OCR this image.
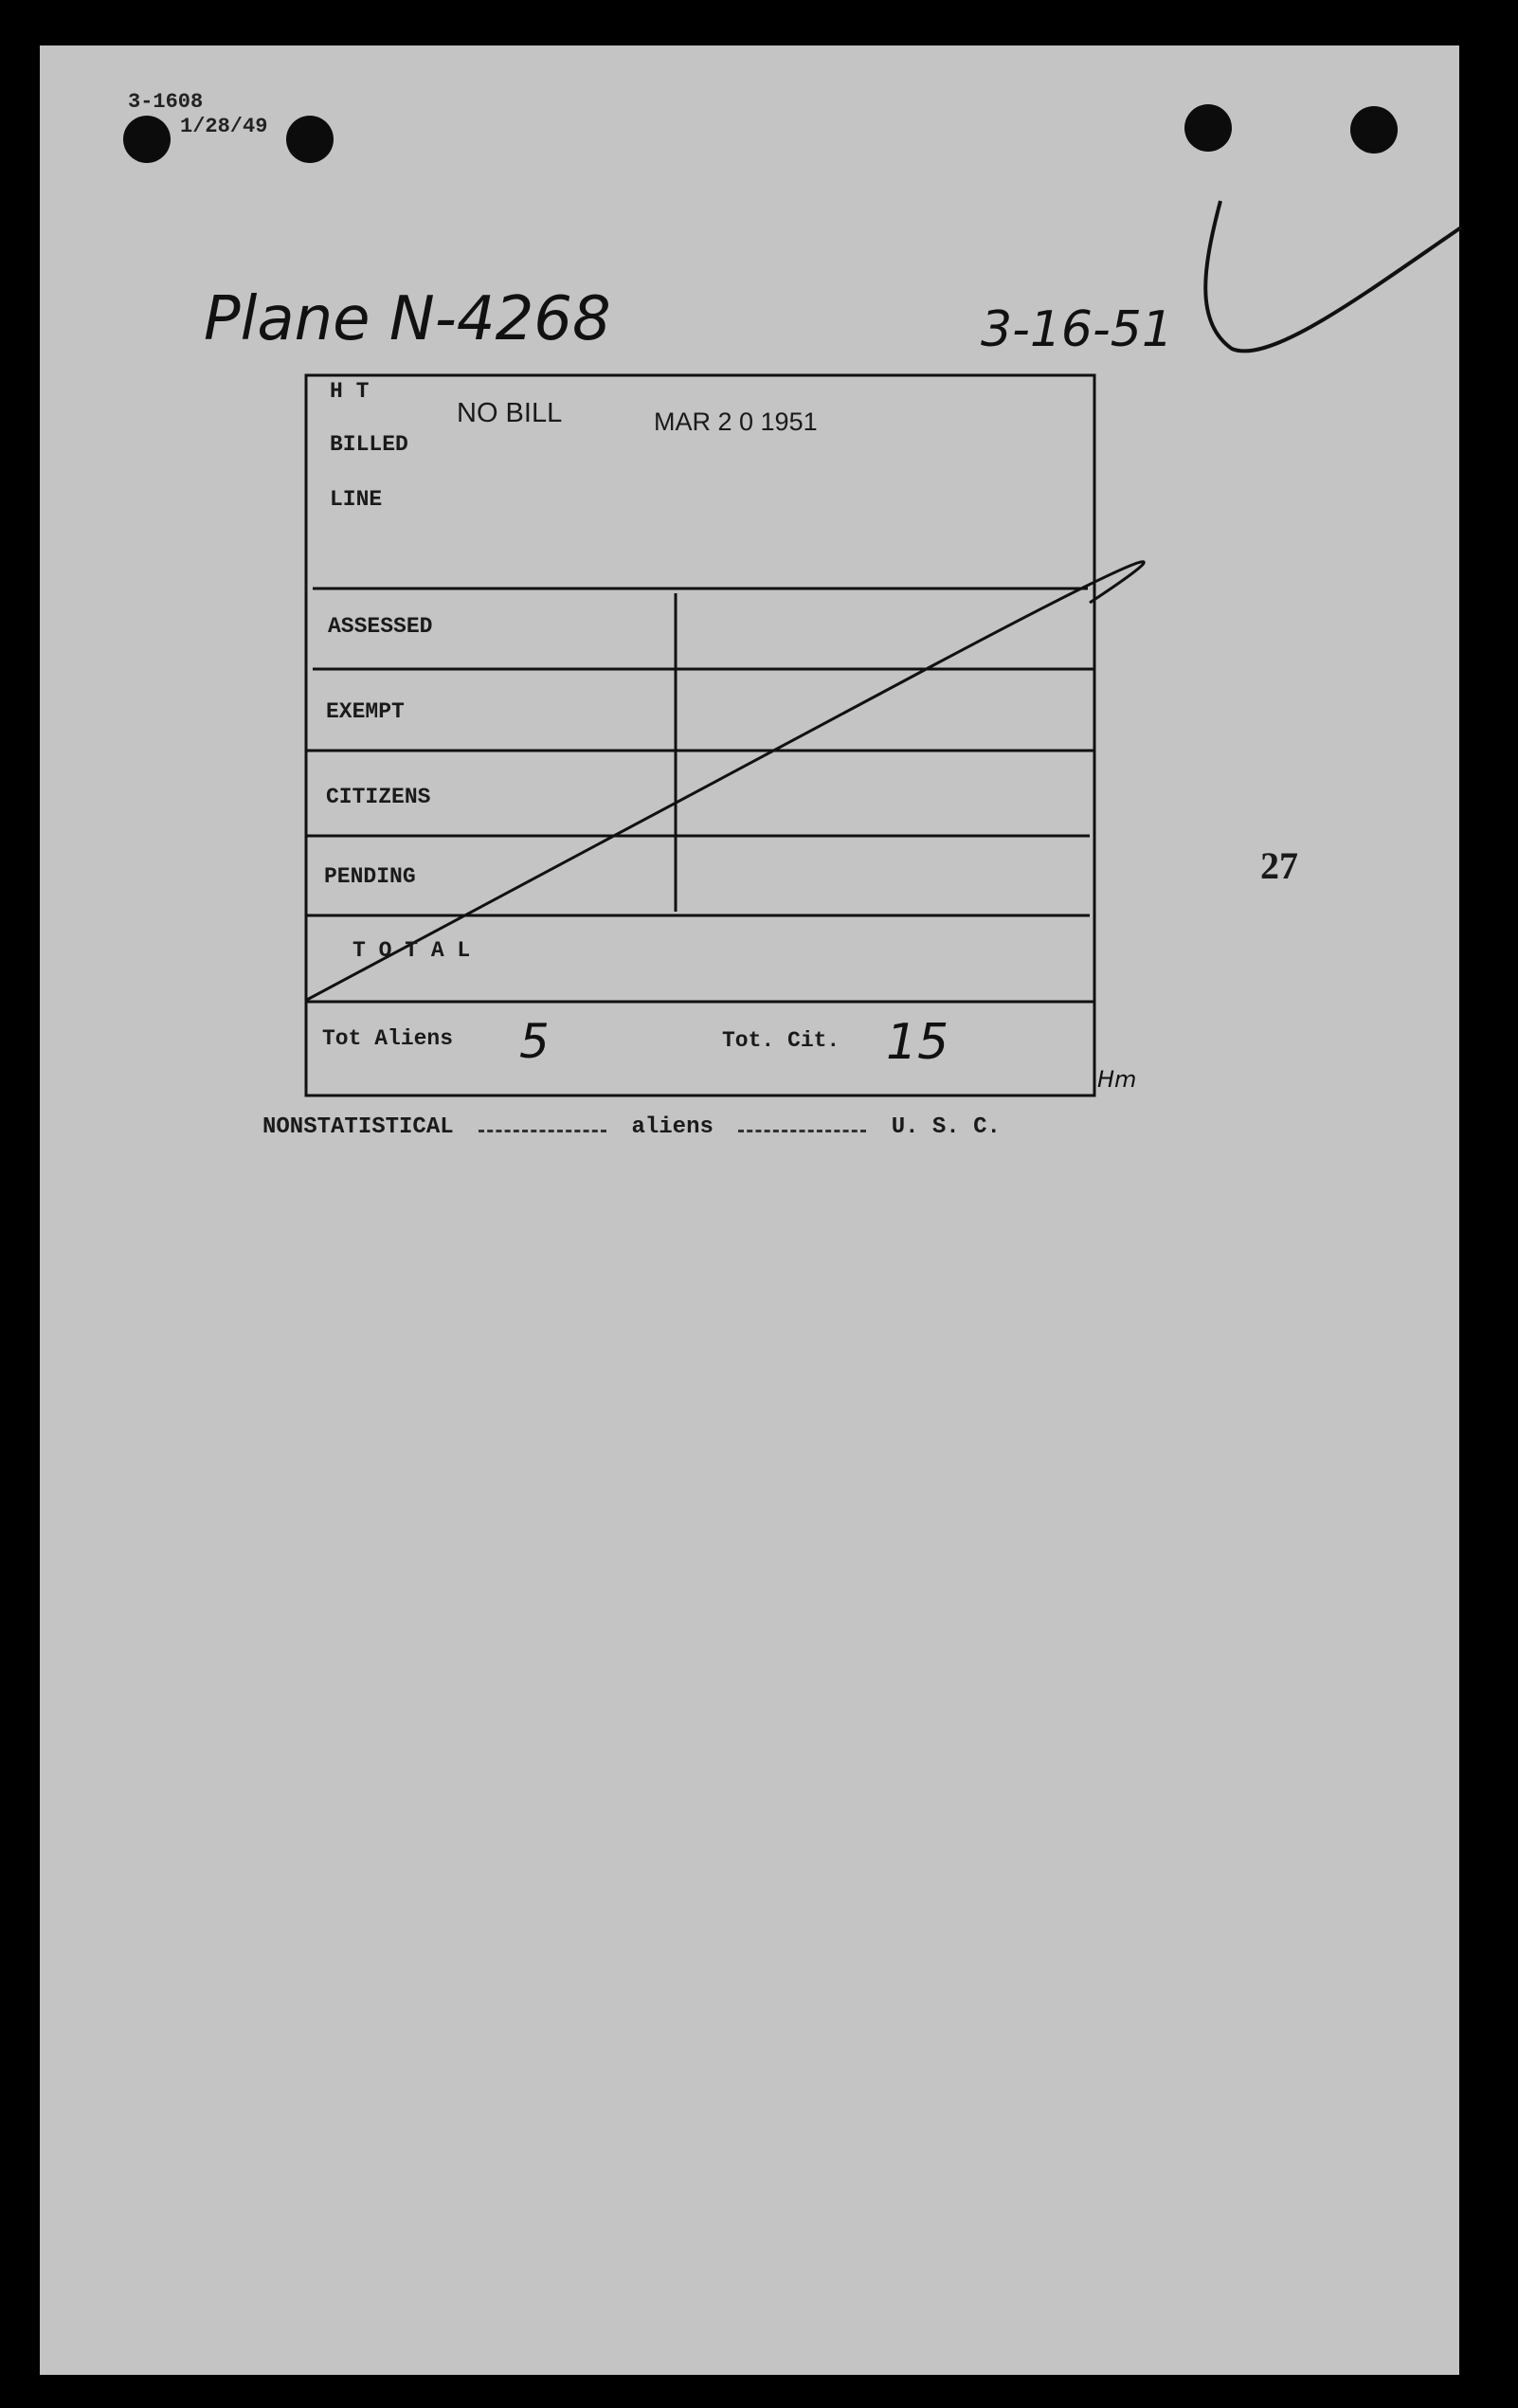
3-1608
1/28/49
Plane N-4268	3-16-51
H T
NO BILL	MAR 2 0 1951
BILLED
LINE
ASSESSED
EXEMPT
CITIZENS
PENDING
T O T A L
Tot Aliens 5	Tot. Cit. 15
Hm
27
NONSTATISTICAL	aliens	U. S. C.
